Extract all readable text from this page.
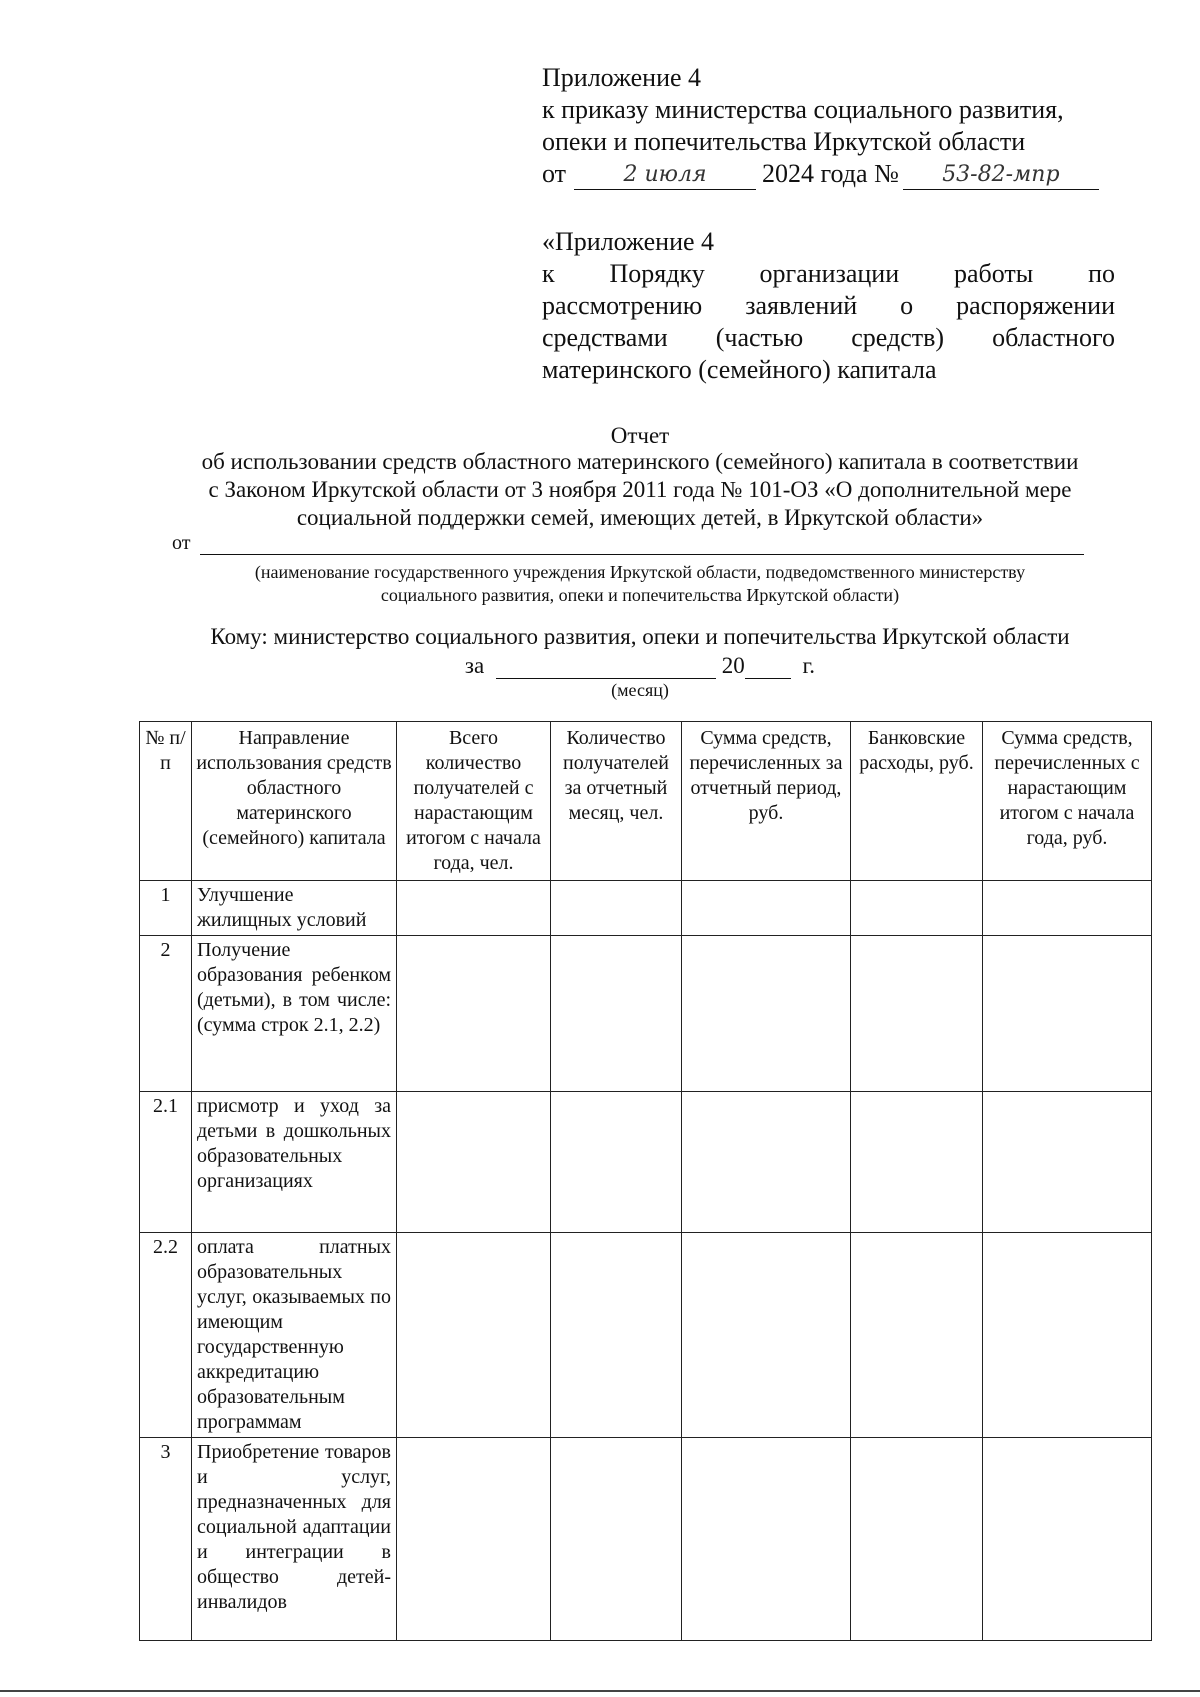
Приложение 4
к приказу министерства социального развития,
опеки и попечительства Иркутской области
от	2 июля	2024 года №	53-82-мпр
«Приложение 4
к Порядку организации работы по
рассмотрению заявлений о распоряжении
средствами (частью средств) областного
материнского (семейного) капитала
Отчет
об использовании средств областного материнского (семейного) капитала в соответствии
с Законом Иркутской области от 3 ноября 2011 года № 101-ОЗ «О дополнительной мере
социальной поддержки семей, имеющих детей, в Иркутской области»
от
(наименование государственного учреждения Иркутской области, подведомственного министерству
социального развития, опеки и попечительства Иркутской области)
Кому: министерство социального развития, опеки и попечительства Иркутской области
за	20	г.
(месяц)
№ п/п	Направление использования средств областного материнского (семейного) капитала	Всего количество получателей с нарастающим итогом с начала года, чел.	Количество получателей за отчетный месяц, чел.	Сумма средств, перечисленных за отчетный период, руб.	Банковские расходы, руб.	Сумма средств, перечисленных с нарастающим итогом с начала года, руб.
1	Улучшение жилищных условий					
2	Получение образования ребенком (детьми), в том числе: (сумма строк 2.1, 2.2)					
2.1	присмотр и уход за детьми в дошкольных образовательных организациях					
2.2	оплата платных образовательных услуг, оказываемых по имеющим государственную аккредитацию образовательным программам					
3	Приобретение товаров и услуг, предназначенных для социальной адаптации и интеграции в общество детей-инвалидов					
